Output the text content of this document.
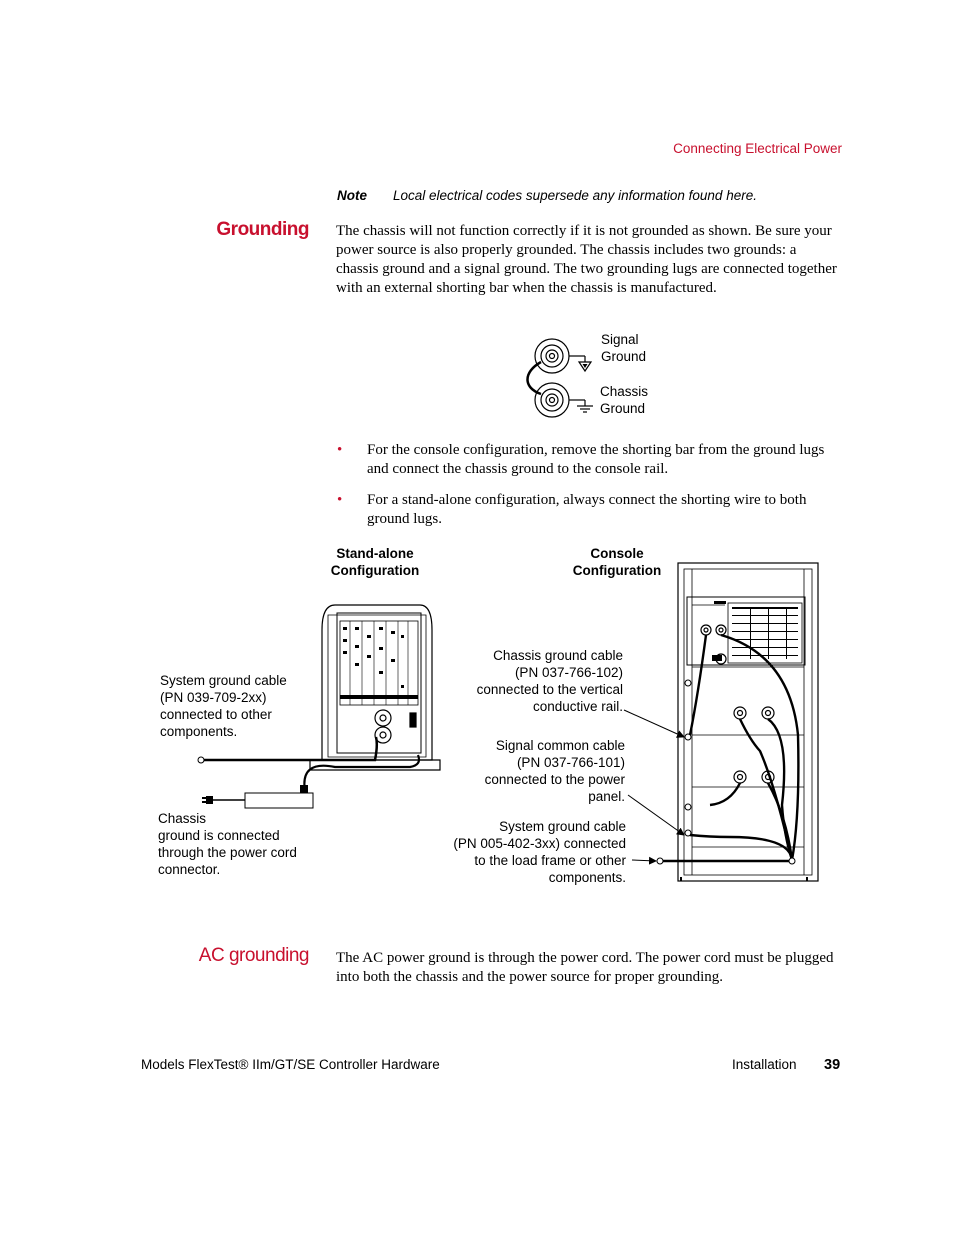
Connecting Electrical Power
Note Local electrical codes supersede any information found here.
Grounding The chassis will not function correctly if it is not grounded as shown. Be sure your power source is also properly grounded. The chassis includes two grounds: a chassis ground and a signal ground. The two grounding lugs are connected together with an external shorting bar when the chassis is manufactured.
Signal
Ground
Chassis
Ground
• For the console configuration, remove the shorting bar from the ground lugs and connect the chassis ground to the console rail.
• For a stand-alone configuration, always connect the shorting wire to both ground lugs.
Stand-alone
Configuration
Console
Configuration
System ground cable
(PN 039-709-2xx)
connected to other
components.
Chassis
ground is connected
through the power cord
connector.
Chassis ground cable
(PN 037-766-102)
connected to the vertical
conductive rail.
Signal common cable
(PN 037-766-101)
connected to the power
panel.
System ground cable
(PN 005-402-3xx) connected
to the load frame or other
components.
AC grounding The AC power ground is through the power cord. The power cord must be plugged into both the chassis and the power source for proper grounding.
Models FlexTest® IIm/GT/SE Controller Hardware	Installation 39
